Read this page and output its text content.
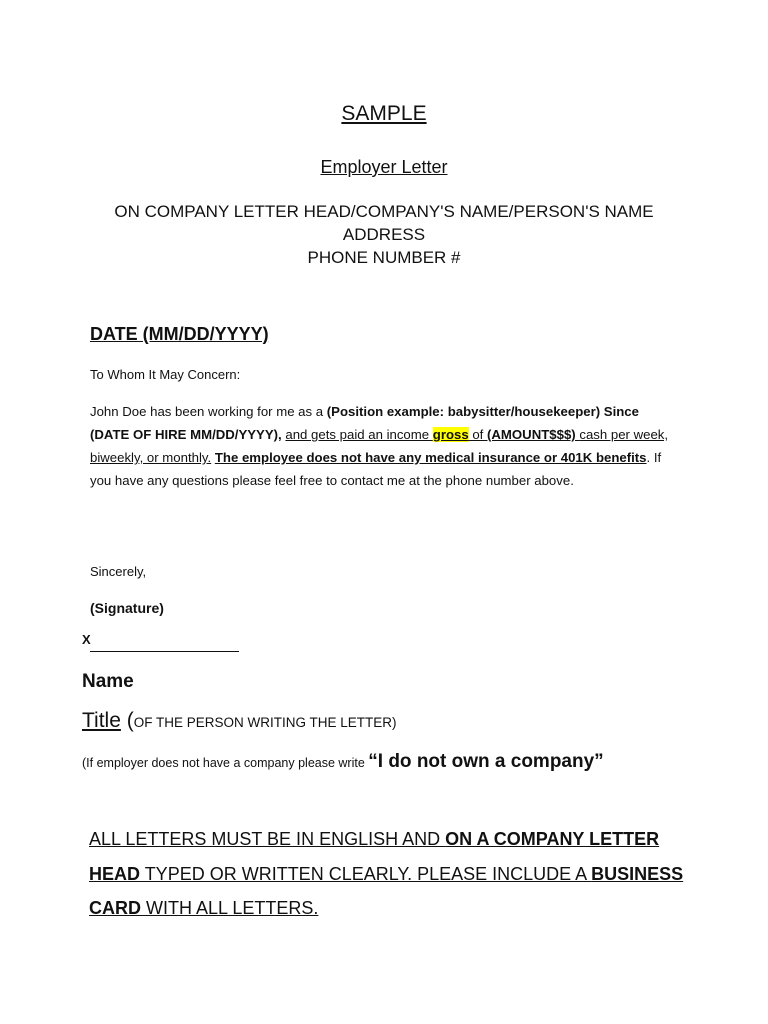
SAMPLE
Employer Letter
ON COMPANY LETTER HEAD/COMPANY'S NAME/PERSON'S NAME
ADDRESS
PHONE NUMBER #
DATE (MM/DD/YYYY)
To Whom It May Concern:
John Doe has been working for me as a (Position example: babysitter/housekeeper) Since (DATE OF HIRE MM/DD/YYYY), and gets paid an income gross of (AMOUNT$$$) cash per week, biweekly, or monthly. The employee does not have any medical insurance or 401K benefits. If you have any questions please feel free to contact me at the phone number above.
Sincerely,
(Signature)
X
Name
Title (OF THE PERSON WRITING THE LETTER)
(If employer does not have a company please write “I do not own a company”
ALL LETTERS MUST BE IN ENGLISH AND ON A COMPANY LETTER HEAD TYPED OR WRITTEN CLEARLY. PLEASE INCLUDE A BUSINESS CARD WITH ALL LETTERS.
